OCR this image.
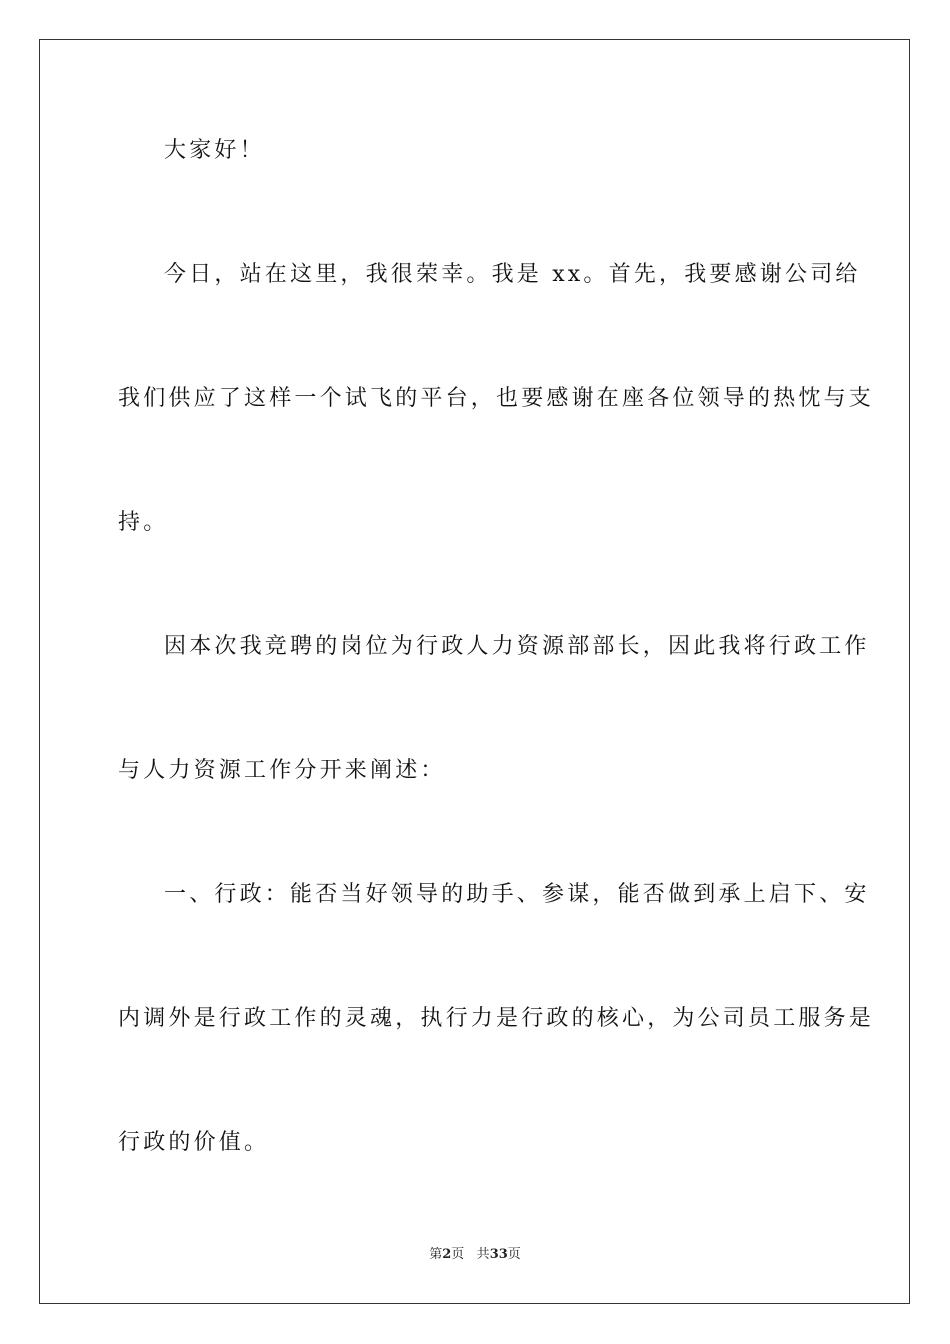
大家好！
今日，站在这里，我很荣幸。我是 xx。首先，我要感谢公司给
我们供应了这样一个试飞的平台，也要感谢在座各位领导的热忱与支
持。
因本次我竞聘的岗位为行政人力资源部部长，因此我将行政工作
与人力资源工作分开来阐述：
一、行政：能否当好领导的助手、参谋，能否做到承上启下、安
内调外是行政工作的灵魂，执行力是行政的核心，为公司员工服务是
行政的价值。
第2页 共33页
